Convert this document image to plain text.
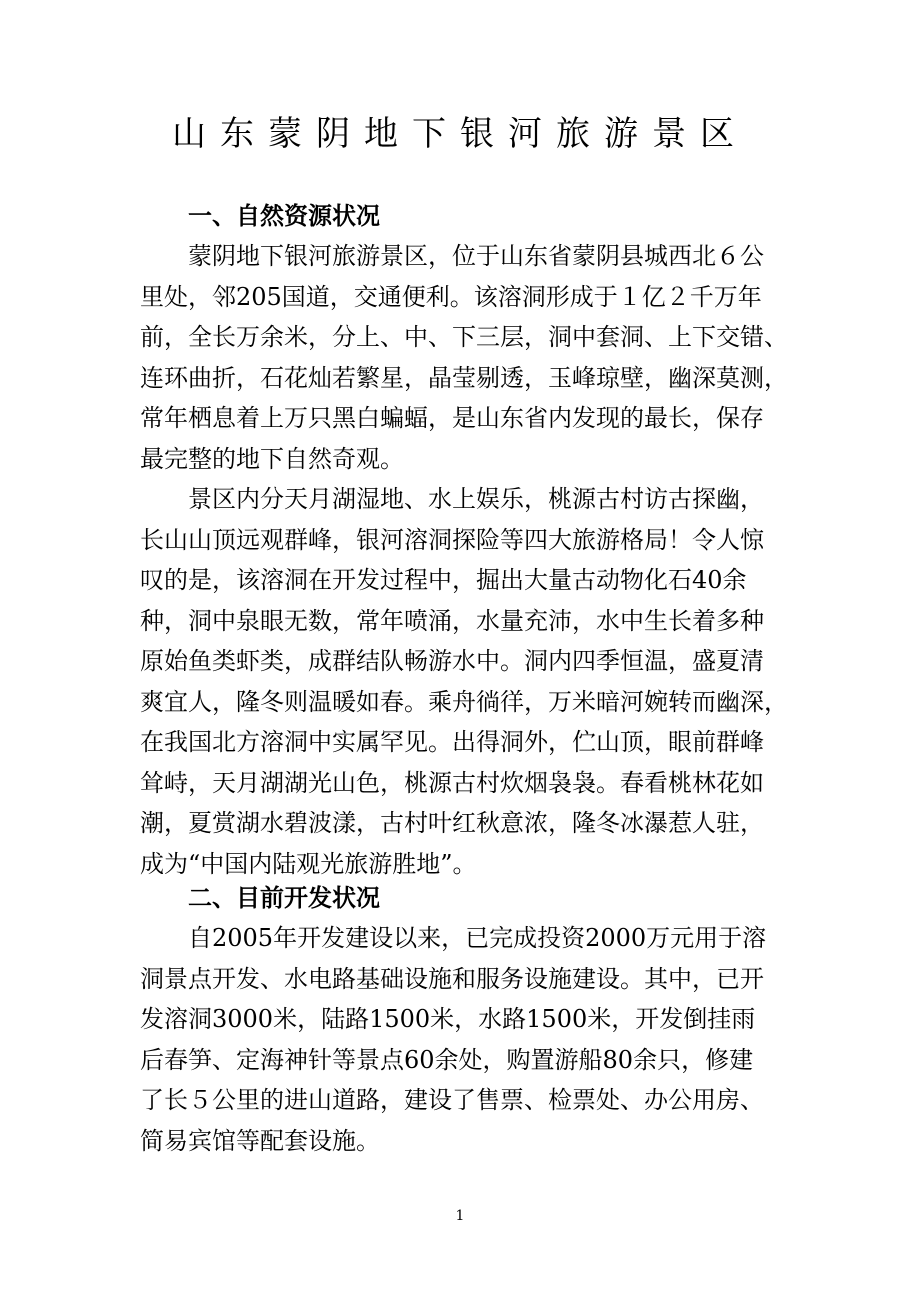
山东蒙阴地下银河旅游景区
一、自然资源状况
　　蒙阴地下银河旅游景区，位于山东省蒙阴县城西北６公
里处，邻205国道，交通便利。该溶洞形成于１亿２千万年
前，全长万余米，分上、中、下三层，洞中套洞、上下交错、
连环曲折，石花灿若繁星，晶莹剔透，玉峰琼壁，幽深莫测，
常年栖息着上万只黑白蝙蝠，是山东省内发现的最长，保存
最完整的地下自然奇观。
　　景区内分天月湖湿地、水上娱乐，桃源古村访古探幽，
长山山顶远观群峰，银河溶洞探险等四大旅游格局！令人惊
叹的是，该溶洞在开发过程中，掘出大量古动物化石40余
种，洞中泉眼无数，常年喷涌，水量充沛，水中生长着多种
原始鱼类虾类，成群结队畅游水中。洞内四季恒温，盛夏清
爽宜人，隆冬则温暖如春。乘舟徜徉，万米暗河婉转而幽深，
在我国北方溶洞中实属罕见。出得洞外，伫山顶，眼前群峰
耸峙，天月湖湖光山色，桃源古村炊烟袅袅。春看桃林花如
潮，夏赏湖水碧波漾，古村叶红秋意浓，隆冬冰瀑惹人驻，
成为“中国内陆观光旅游胜地”。
二、目前开发状况
　　自2005年开发建设以来，已完成投资2000万元用于溶
洞景点开发、水电路基础设施和服务设施建设。其中，已开
发溶洞3000米，陆路1500米，水路1500米，开发倒挂雨
后春笋、定海神针等景点60余处，购置游船80余只，修建
了长５公里的进山道路，建设了售票、检票处、办公用房、
简易宾馆等配套设施。
1
